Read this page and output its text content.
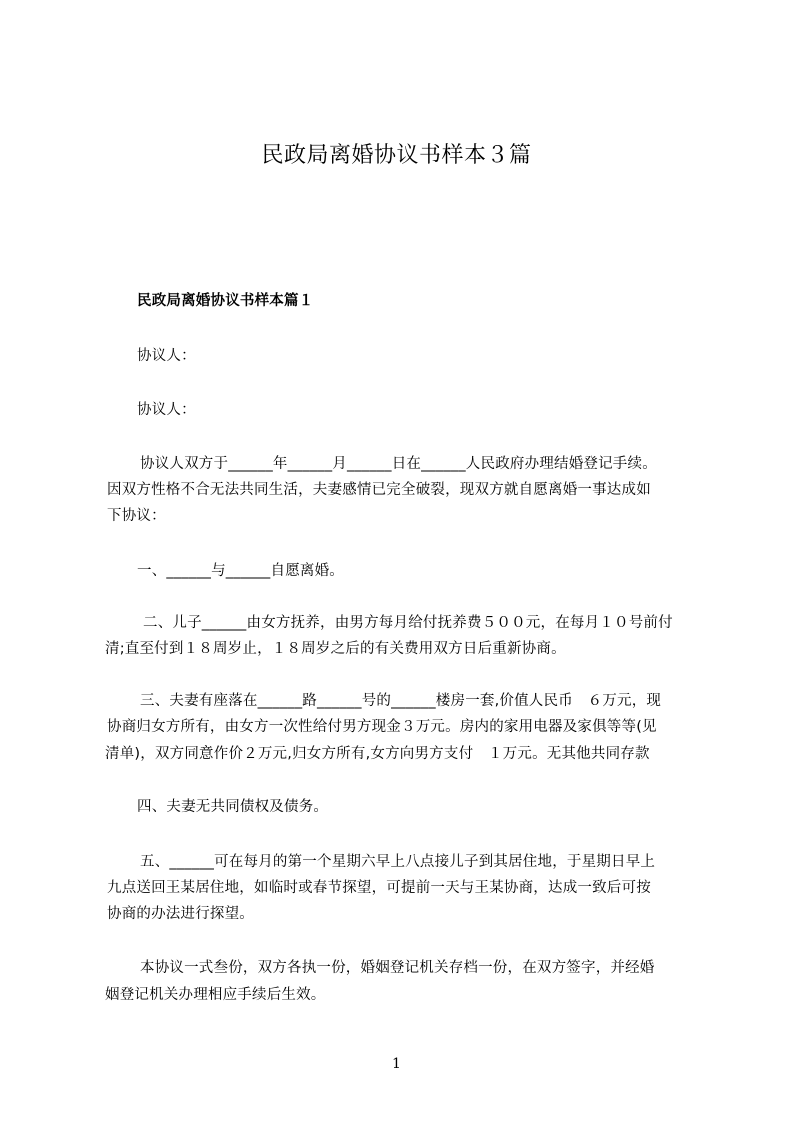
民政局离婚协议书样本３篇
民政局离婚协议书样本篇１
协议人：
协议人：
协议人双方于______年______月______日在______人民政府办理结婚登记手续。
因双方性格不合无法共同生活，夫妻感情已完全破裂，现双方就自愿离婚一事达成如
下协议：
一、______与______自愿离婚。
二、儿子______由女方抚养，由男方每月给付抚养费５００元，在每月１０号前付
清;直至付到１８周岁止，１８周岁之后的有关费用双方日后重新协商。
三、夫妻有座落在______路______号的______楼房一套,价值人民币　６万元，现
协商归女方所有，由女方一次性给付男方现金３万元。房内的家用电器及家俱等等(见
清单)，双方同意作价２万元,归女方所有,女方向男方支付　１万元。无其他共同存款
四、夫妻无共同债权及债务。
五、______可在每月的第一个星期六早上八点接儿子到其居住地，于星期日早上
九点送回王某居住地，如临时或春节探望，可提前一天与王某协商，达成一致后可按
协商的办法进行探望。
本协议一式叁份，双方各执一份，婚姻登记机关存档一份，在双方签字，并经婚
姻登记机关办理相应手续后生效。
1
